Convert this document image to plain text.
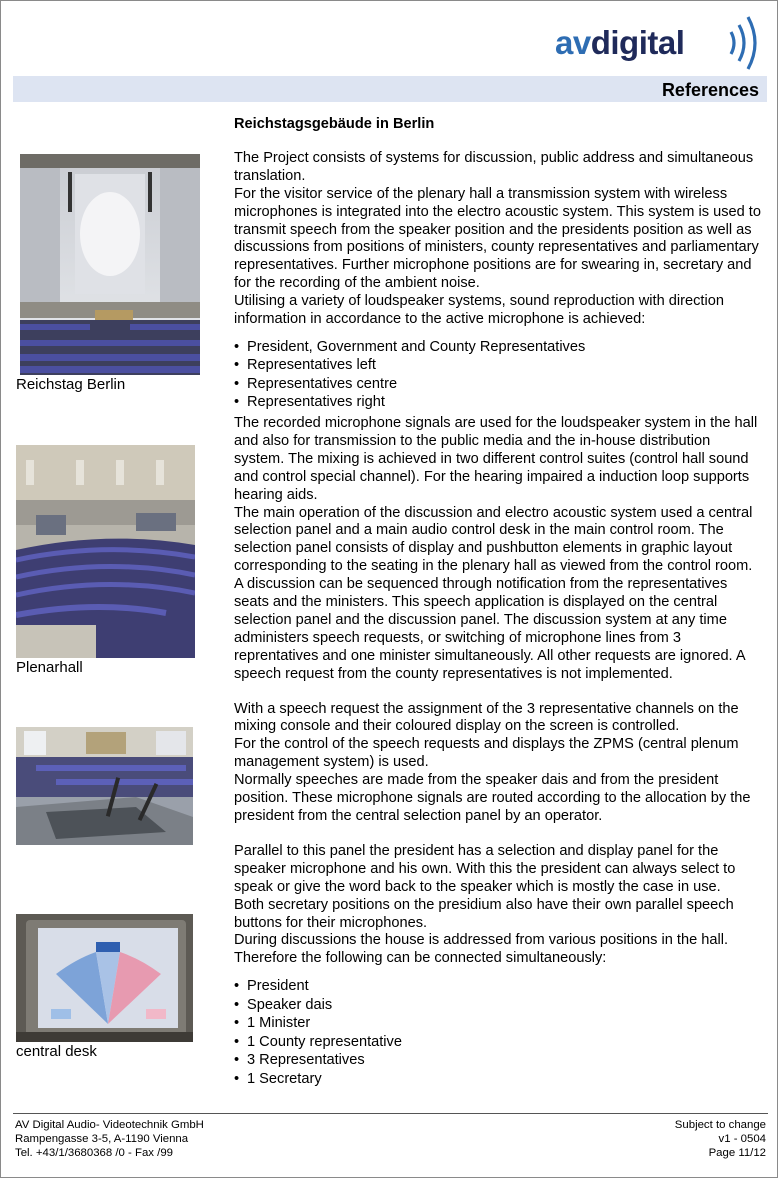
avdigital
References
Reichstag Berlin
Plenarhall
central desk
Reichstagsgebäude in Berlin

The Project consists of systems for discussion, public address and simultaneous translation.

For the visitor service of the plenary hall a transmission system with wireless microphones is integrated into the electro acoustic system. This system is used to transmit speech from the speaker position and the presidents position as well as discussions from positions of ministers, county representatives and parliamentary representatives. Further microphone positions are for swearing in, secretary and for the recording of the ambient noise.

Utilising a variety of loudspeaker systems, sound reproduction with direction information in accordance to the active microphone is achieved:

• President, Government and County Representatives
• Representatives left
• Representatives centre
• Representatives right

The recorded microphone signals are used for the loudspeaker system in the hall and also for transmission to the public media and the in-house distribution system. The mixing is achieved in two different control suites (control hall sound and control special channel). For the hearing impaired a induction loop supports hearing aids.

The main operation of the discussion and electro acoustic system used a central selection panel and a main audio control desk in the main control room. The selection panel consists of display and pushbutton elements in graphic layout corresponding to the seating in the plenary hall as viewed from the control room.

A discussion can be sequenced through notification from the representatives seats and the ministers. This speech application is displayed on the central selection panel and the discussion panel. The discussion system at any time administers speech requests, or switching of microphone lines from 3 reprentatives and one minister simultaneously. All other requests are ignored. A speech request from the county representatives is not implemented.

With a speech request the assignment of the 3 representative channels on the mixing console and their coloured display on the screen is controlled.

For the control of the speech requests and displays the ZPMS (central plenum management system) is used.

Normally speeches are made from the speaker dais and from the president position. These microphone signals are routed according to the allocation by the president from the central selection panel by an operator.

Parallel to this panel the president has a selection and display panel for the speaker microphone and his own. With this the president can always select to speak or give the word back to the speaker which is mostly the case in use.

Both secretary positions on the presidium also have their own parallel speech buttons for their microphones.

During discussions the house is addressed from various positions in the hall. Therefore the following can be connected simultaneously:

• President
• Speaker dais
• 1 Minister
• 1 County representative
• 3 Representatives
• 1 Secretary
AV Digital Audio- Videotechnik GmbH
Rampengasse 3-5, A-1190 Vienna
Tel. +43/1/3680368 /0 - Fax /99
Subject to change
v1 - 0504
Page 11/12
